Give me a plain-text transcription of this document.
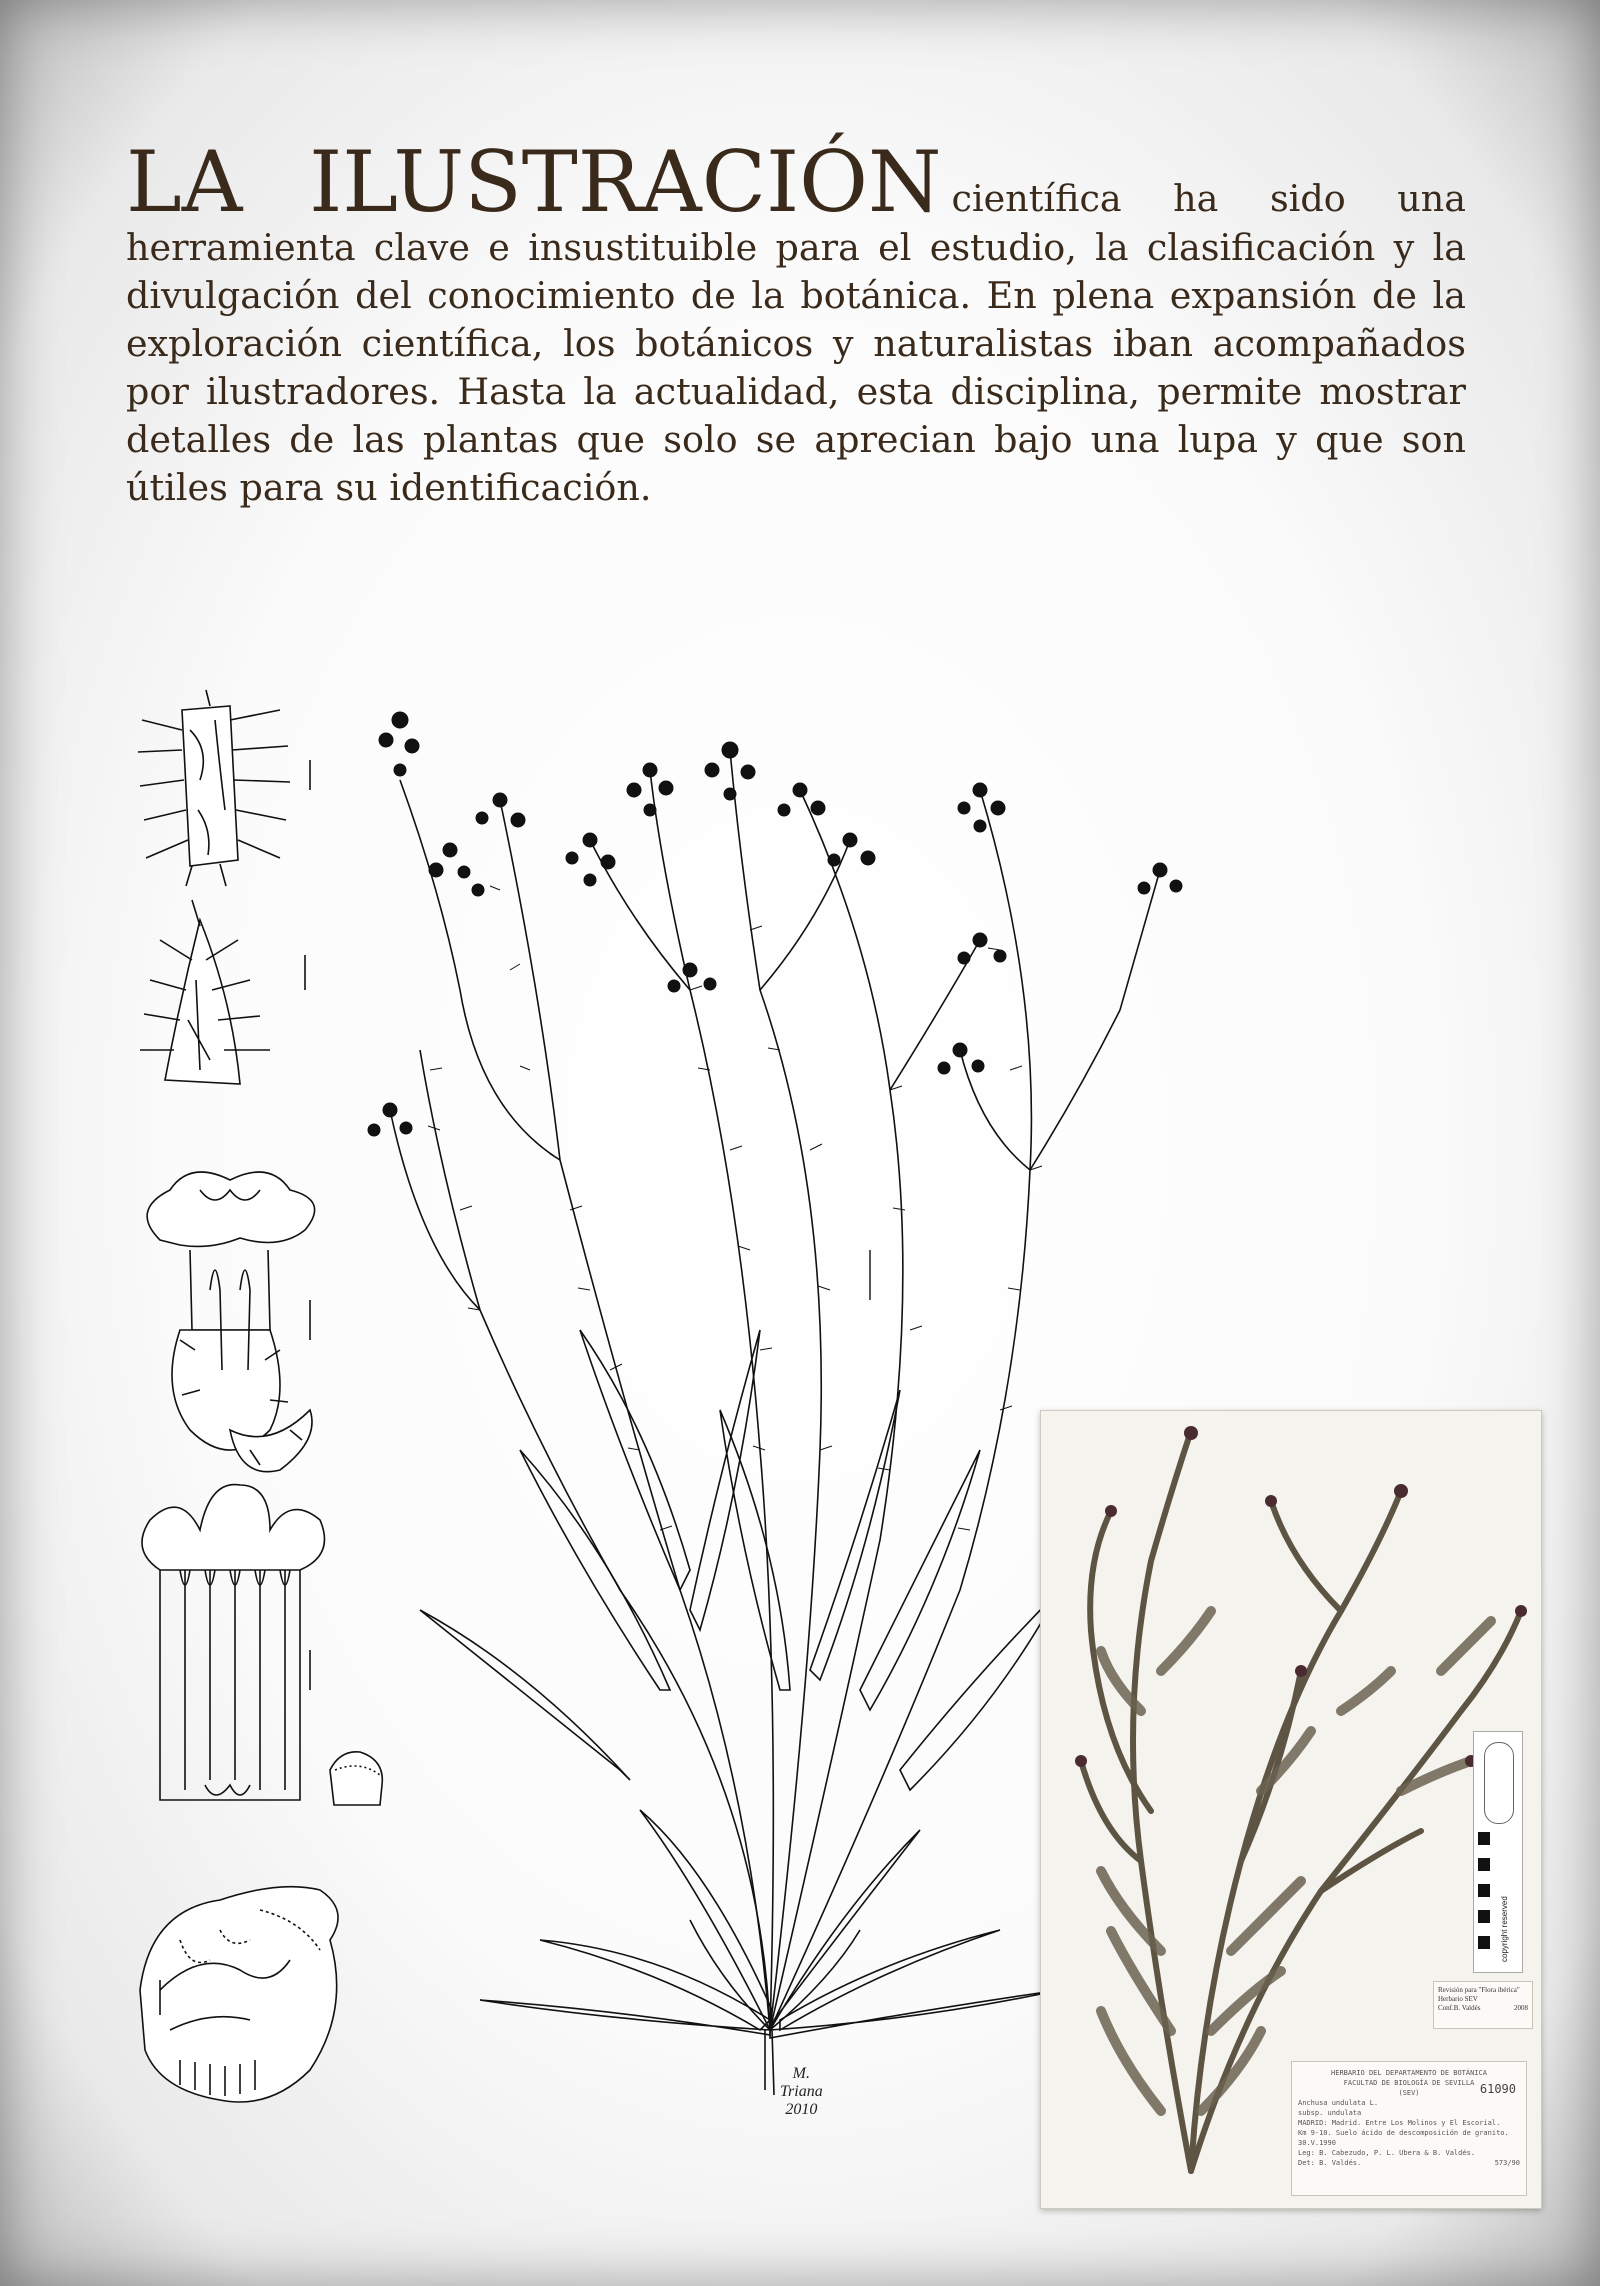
LA ILUSTRACIÓN científica ha sido una herramienta clave e insustituible para el estudio, la clasificación y la divulgación del conocimiento de la botánica. En plena expansión de la exploración científica, los botánicos y naturalistas iban acompañados por ilustradores. Hasta la actualidad, esta disciplina, permite mostrar detalles de las plantas que solo se aprecian bajo una lupa y que son útiles para su identificación.
M.
Triana
2010
copyright reserved
Revisión para "Flora ibérica"
Herbario SEV
Conf.B. Valdés	2008
HERBARIO DEL DEPARTAMENTO DE BOTÁNICA
FACULTAD DE BIOLOGÍA DE SEVILLA
(SEV)	61090
Anchusa undulata L.
subsp. undulata
MADRID: Madrid. Entre Los Molinos y El Escorial.
Km 9-10. Suelo ácido de descomposición de granito.
30.V.1990
Leg: B. Cabezudo, P. L. Ubera & B. Valdés.
Det: B. Valdés.	573/90
